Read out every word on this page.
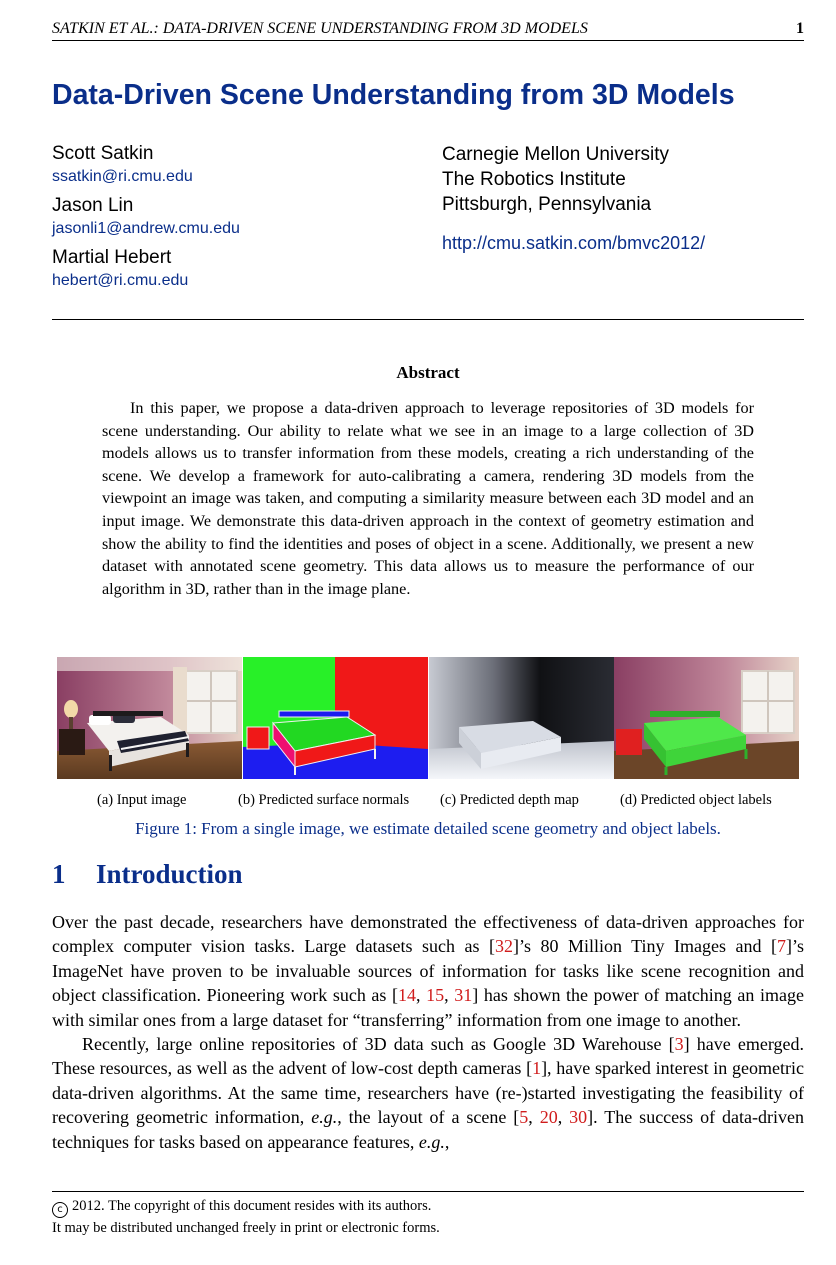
SATKIN ET AL.: DATA-DRIVEN SCENE UNDERSTANDING FROM 3D MODELS	1
Data-Driven Scene Understanding from 3D Models
Scott Satkin
ssatkin@ri.cmu.edu
Jason Lin
jasonli1@andrew.cmu.edu
Martial Hebert
hebert@ri.cmu.edu
Carnegie Mellon University
The Robotics Institute
Pittsburgh, Pennsylvania
http://cmu.satkin.com/bmvc2012/
Abstract
In this paper, we propose a data-driven approach to leverage repositories of 3D models for scene understanding. Our ability to relate what we see in an image to a large collection of 3D models allows us to transfer information from these models, creating a rich understanding of the scene. We develop a framework for auto-calibrating a camera, rendering 3D models from the viewpoint an image was taken, and computing a similarity measure between each 3D model and an input image. We demonstrate this data-driven approach in the context of geometry estimation and show the ability to find the identities and poses of object in a scene. Additionally, we present a new dataset with annotated scene geometry. This data allows us to measure the performance of our algorithm in 3D, rather than in the image plane.
(a) Input image	(b) Predicted surface normals (c) Predicted depth map	(d) Predicted object labels
Figure 1: From a single image, we estimate detailed scene geometry and object labels.
1 Introduction

Over the past decade, researchers have demonstrated the effectiveness of data-driven approaches for complex computer vision tasks. Large datasets such as [32]’s 80 Million Tiny Images and [7]’s ImageNet have proven to be invaluable sources of information for tasks like scene recognition and object classification. Pioneering work such as [14, 15, 31] has shown the power of matching an image with similar ones from a large dataset for “transferring” information from one image to another.

Recently, large online repositories of 3D data such as Google 3D Warehouse [3] have emerged. These resources, as well as the advent of low-cost depth cameras [1], have sparked interest in geometric data-driven algorithms. At the same time, researchers have (re-)started investigating the feasibility of recovering geometric information, e.g., the layout of a scene [5, 20, 30]. The success of data-driven techniques for tasks based on appearance features, e.g.,

c 2012. The copyright of this document resides with its authors.
It may be distributed unchanged freely in print or electronic forms.
